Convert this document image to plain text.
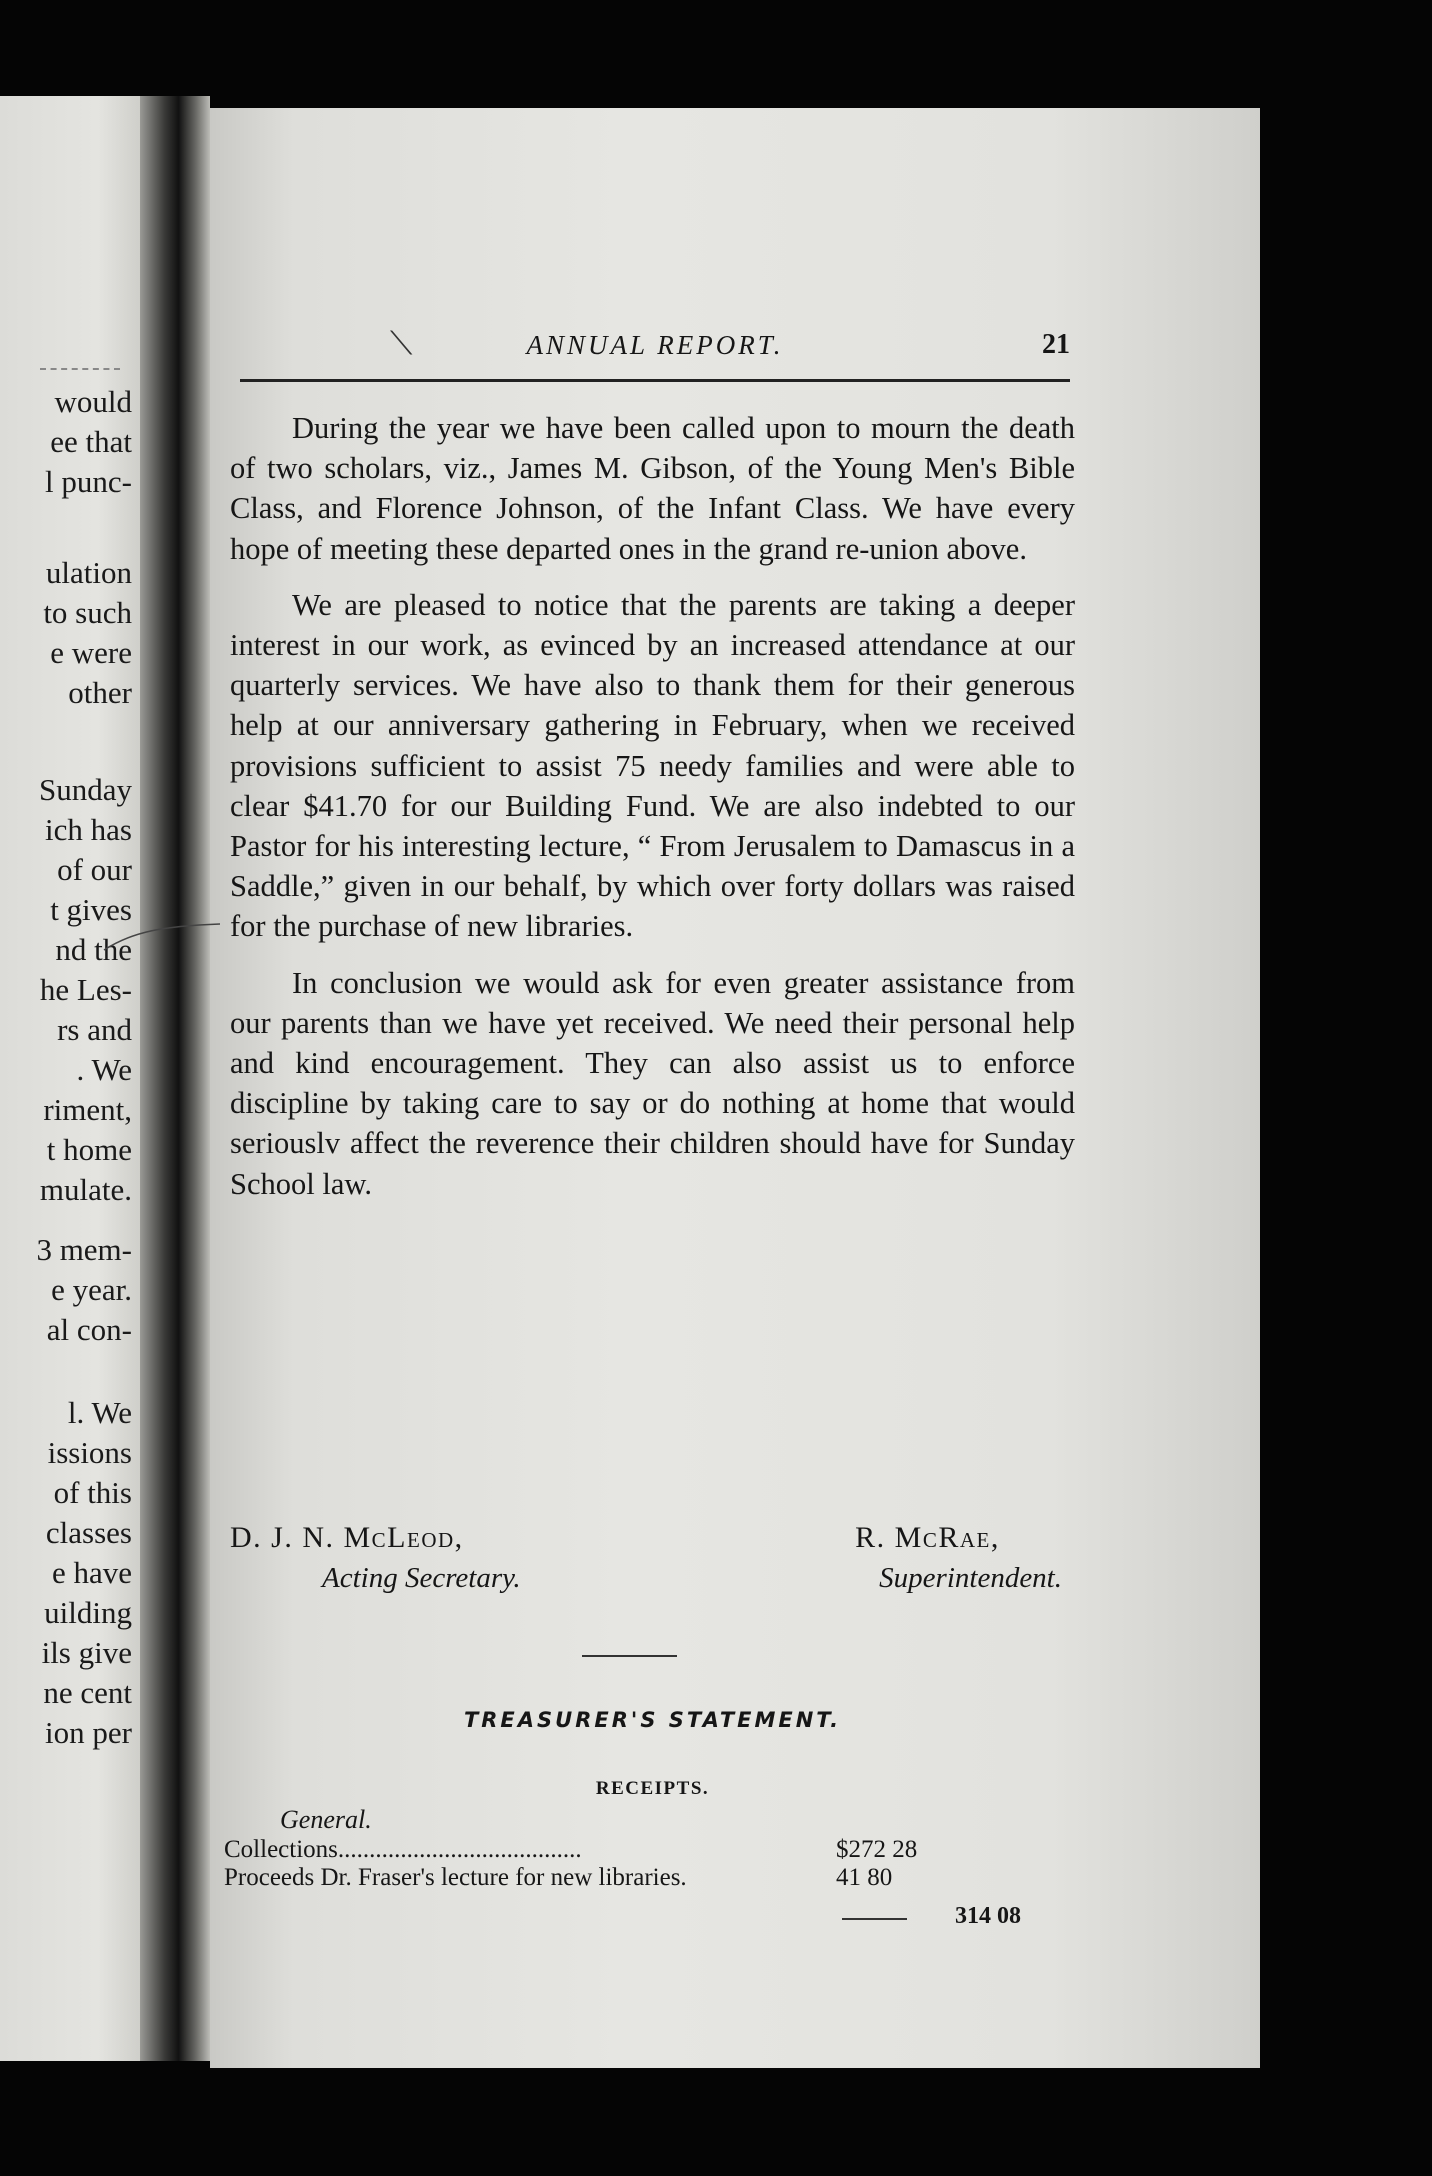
would
ee that
l punc-
ulation
to such
e were
other
Sunday
ich has
of our
t gives
nd the
he Les-
rs and
. We
riment,
t home
mulate.
3 mem-
e year.
al con-
l. We
issions
of this
classes
e have
uilding
ils give
ne cent
ion per
⟍	ANNUAL REPORT.	21

During the year we have been called upon to mourn the death of two scholars, viz., James M. Gibson, of the Young Men's Bible Class, and Florence Johnson, of the Infant Class. We have every hope of meeting these departed ones in the grand re-union above.

We are pleased to notice that the parents are taking a deeper interest in our work, as evinced by an increased attendance at our quarterly services. We have also to thank them for their generous help at our anniversary gathering in February, when we received provisions sufficient to assist 75 needy families and were able to clear $41.70 for our Building Fund. We are also indebted to our Pastor for his interesting lecture, “ From Jerusalem to Damascus in a Saddle,” given in our behalf, by which over forty dollars was raised for the purchase of new libraries.

In conclusion we would ask for even greater assistance from our parents than we have yet received. We need their personal help and kind encouragement. They can also assist us to enforce discipline by taking care to say or do nothing at home that would seriouslv affect the reverence their children should have for Sunday School law.

D. J. N. McLeod,
Acting Secretary.
R. McRae,
Superintendent.
TREASURER'S STATEMENT.
RECEIPTS.
General.
Collections.......................................	$272 28
Proceeds Dr. Fraser's lecture for new libraries.	41 80
314 08
